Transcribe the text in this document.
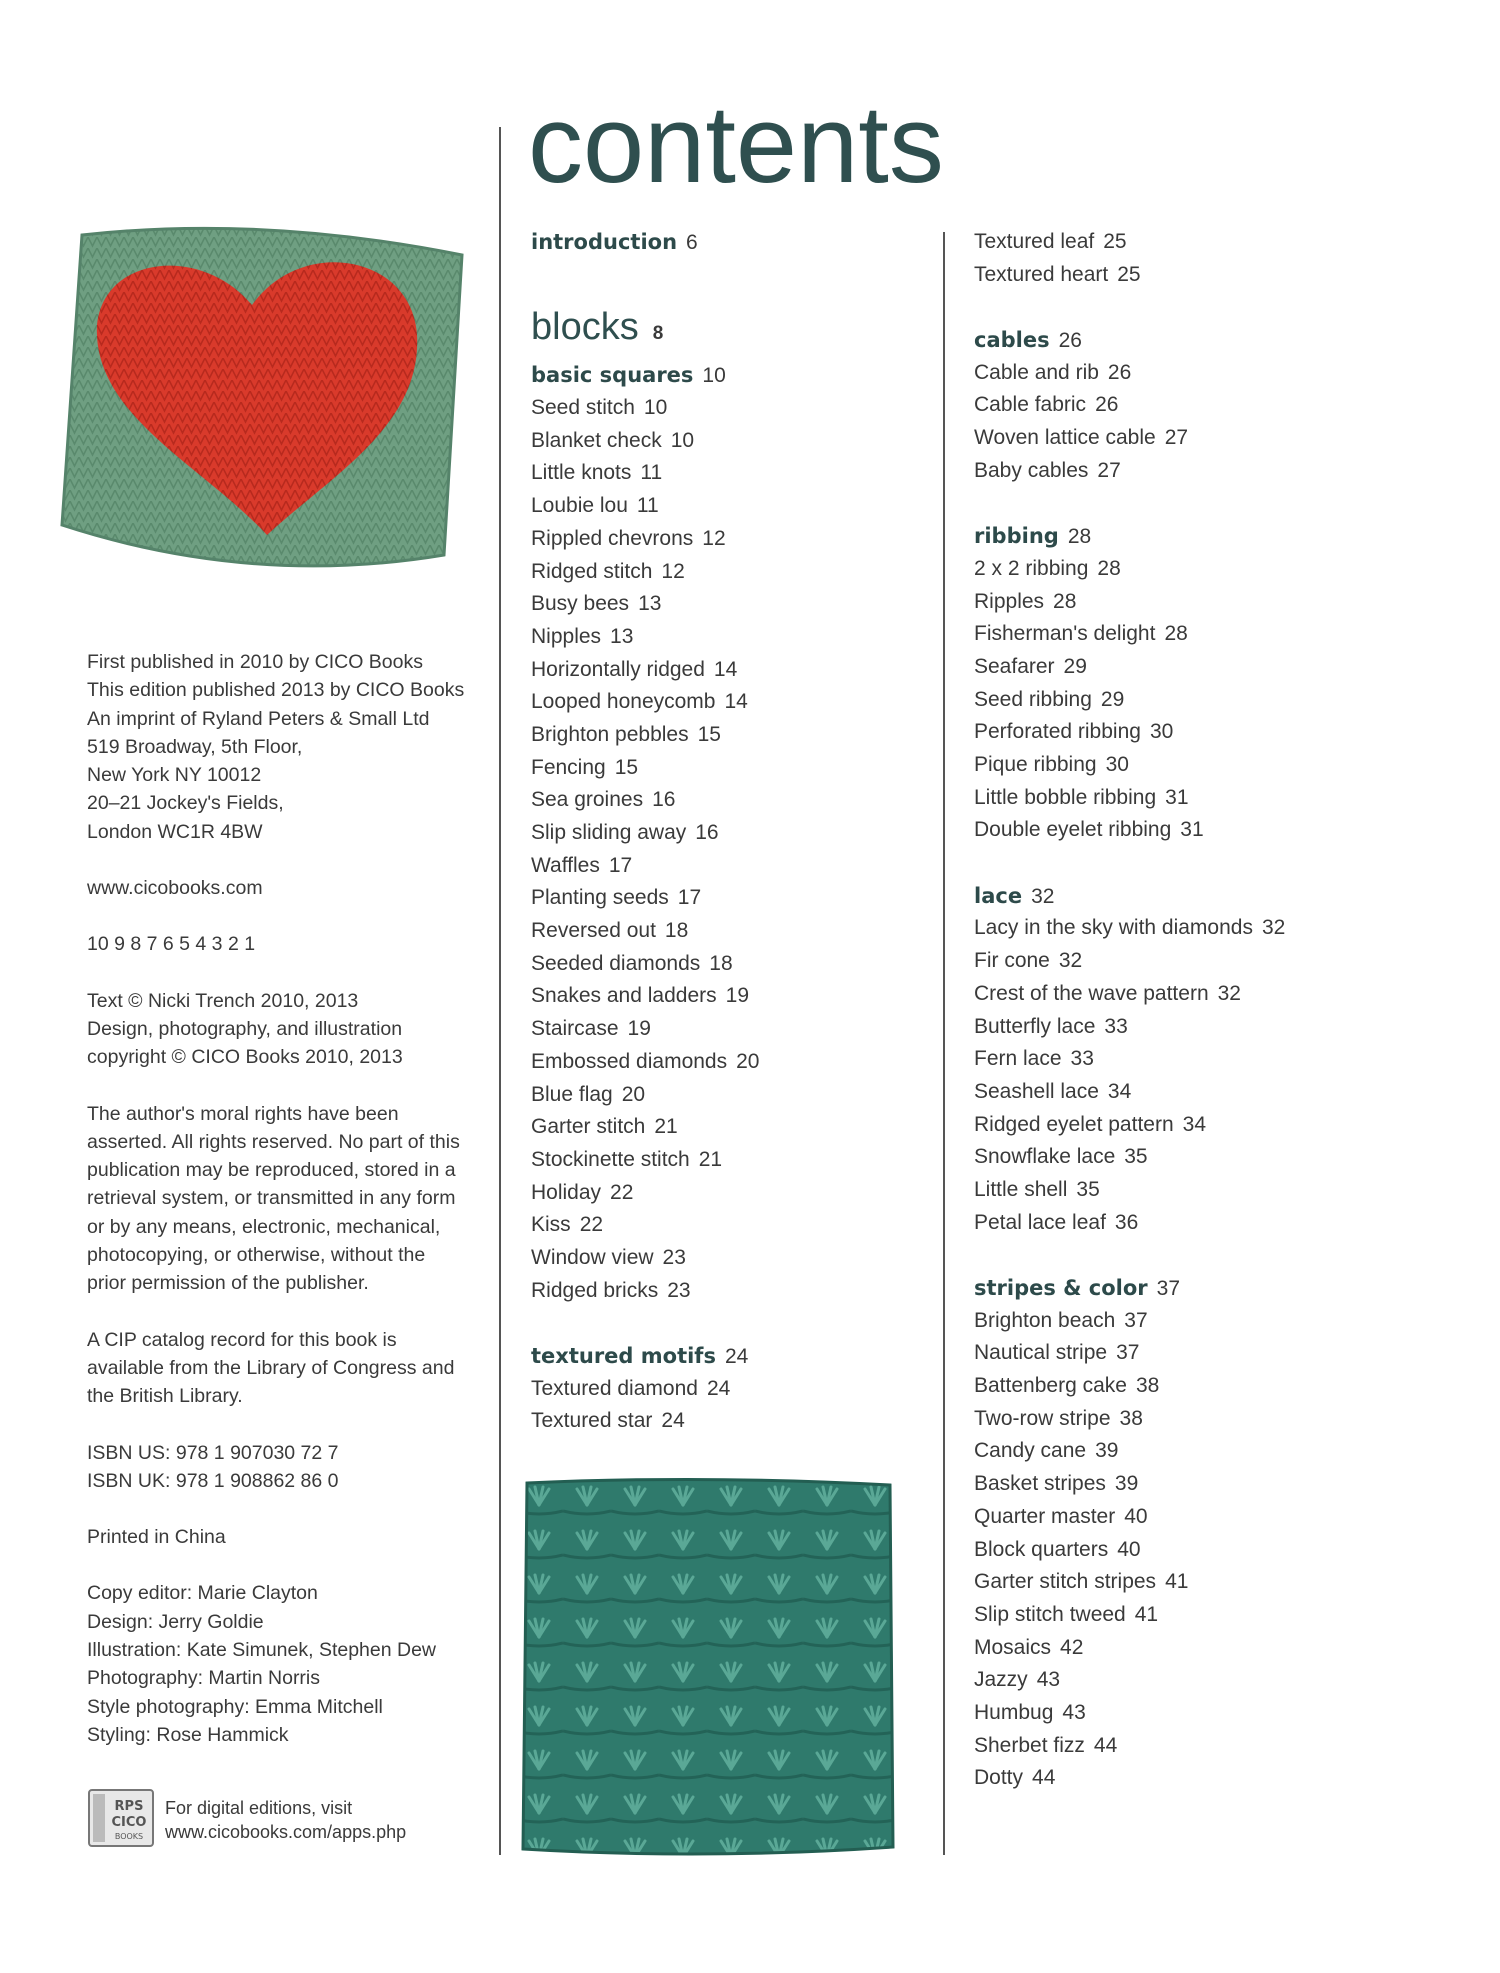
contents
First published in 2010 by CICO Books
This edition published 2013 by CICO Books
An imprint of Ryland Peters & Small Ltd
519 Broadway, 5th Floor,
New York NY 10012
20–21 Jockey's Fields,
London WC1R 4BW
www.cicobooks.com
10 9 8 7 6 5 4 3 2 1
Text © Nicki Trench 2010, 2013
Design, photography, and illustration
copyright © CICO Books 2010, 2013
The author's moral rights have been
asserted. All rights reserved. No part of this
publication may be reproduced, stored in a
retrieval system, or transmitted in any form
or by any means, electronic, mechanical,
photocopying, or otherwise, without the
prior permission of the publisher.
A CIP catalog record for this book is
available from the Library of Congress and
the British Library.
ISBN US: 978 1 907030 72 7
ISBN UK: 978 1 908862 86 0
Printed in China
Copy editor: Marie Clayton
Design: Jerry Goldie
Illustration: Kate Simunek, Stephen Dew
Photography: Martin Norris
Style photography: Emma Mitchell
Styling: Rose Hammick
RPS
CICO
BOOKS
For digital editions, visit
www.cicobooks.com/apps.php
introduction 6
blocks 8
basic squares 10
Seed stitch 10
Blanket check 10
Little knots 11
Loubie lou 11
Rippled chevrons 12
Ridged stitch 12
Busy bees 13
Nipples 13
Horizontally ridged 14
Looped honeycomb 14
Brighton pebbles 15
Fencing 15
Sea groines 16
Slip sliding away 16
Waffles 17
Planting seeds 17
Reversed out 18
Seeded diamonds 18
Snakes and ladders 19
Staircase 19
Embossed diamonds 20
Blue flag 20
Garter stitch 21
Stockinette stitch 21
Holiday 22
Kiss 22
Window view 23
Ridged bricks 23
textured motifs 24
Textured diamond 24
Textured star 24
Textured leaf 25
Textured heart 25
cables 26
Cable and rib 26
Cable fabric 26
Woven lattice cable 27
Baby cables 27
ribbing 28
2 x 2 ribbing 28
Ripples 28
Fisherman's delight 28
Seafarer 29
Seed ribbing 29
Perforated ribbing 30
Pique ribbing 30
Little bobble ribbing 31
Double eyelet ribbing 31
lace 32
Lacy in the sky with diamonds 32
Fir cone 32
Crest of the wave pattern 32
Butterfly lace 33
Fern lace 33
Seashell lace 34
Ridged eyelet pattern 34
Snowflake lace 35
Little shell 35
Petal lace leaf 36
stripes & color 37
Brighton beach 37
Nautical stripe 37
Battenberg cake 38
Two-row stripe 38
Candy cane 39
Basket stripes 39
Quarter master 40
Block quarters 40
Garter stitch stripes 41
Slip stitch tweed 41
Mosaics 42
Jazzy 43
Humbug 43
Sherbet fizz 44
Dotty 44
